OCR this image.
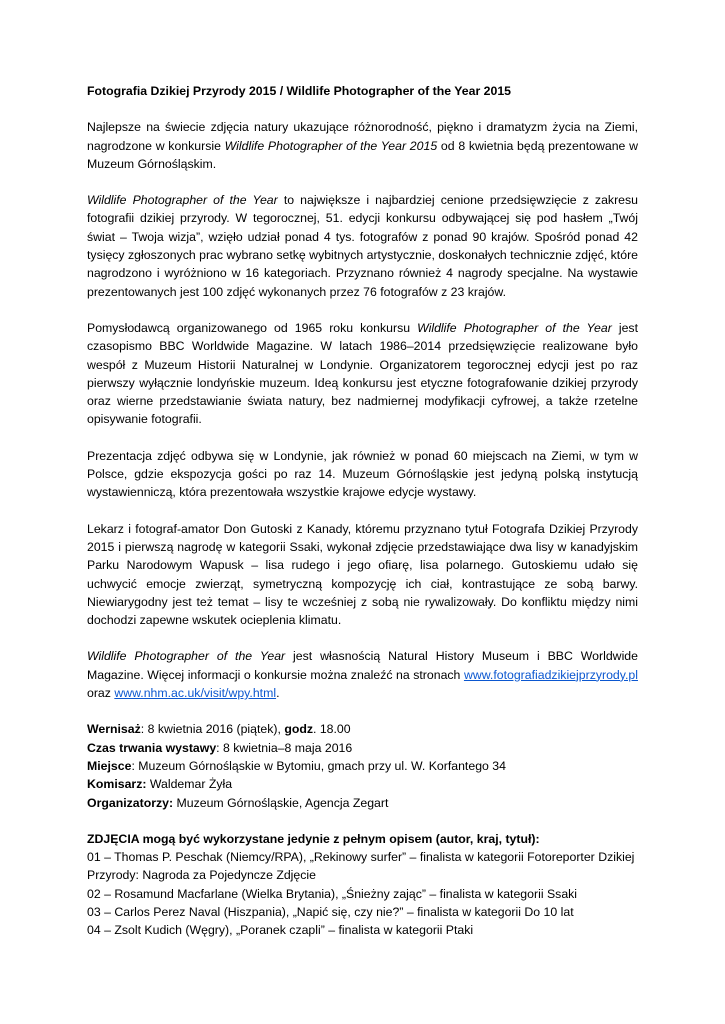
Fotografia Dzikiej Przyrody 2015 / Wildlife Photographer of the Year 2015

Najlepsze na świecie zdjęcia natury ukazujące różnorodność, piękno i dramatyzm życia na Ziemi, nagrodzone w konkursie Wildlife Photographer of the Year 2015 od 8 kwietnia będą prezentowane w Muzeum Górnośląskim.

Wildlife Photographer of the Year to największe i najbardziej cenione przedsięwzięcie z zakresu fotografii dzikiej przyrody. W tegorocznej, 51. edycji konkursu odbywającej się pod hasłem „Twój świat – Twoja wizja”, wzięło udział ponad 4 tys. fotografów z ponad 90 krajów. Spośród ponad 42 tysięcy zgłoszonych prac wybrano setkę wybitnych artystycznie, doskonałych technicznie zdjęć, które nagrodzono i wyróżniono w 16 kategoriach. Przyznano również 4 nagrody specjalne. Na wystawie prezentowanych jest 100 zdjęć wykonanych przez 76 fotografów z 23 krajów.

Pomysłodawcą organizowanego od 1965 roku konkursu Wildlife Photographer of the Year jest czasopismo BBC Worldwide Magazine. W latach 1986–2014 przedsięwzięcie realizowane było wespół z Muzeum Historii Naturalnej w Londynie. Organizatorem tegorocznej edycji jest po raz pierwszy wyłącznie londyńskie muzeum. Ideą konkursu jest etyczne fotografowanie dzikiej przyrody oraz wierne przedstawianie świata natury, bez nadmiernej modyfikacji cyfrowej, a także rzetelne opisywanie fotografii.

Prezentacja zdjęć odbywa się w Londynie, jak również w ponad 60 miejscach na Ziemi, w tym w Polsce, gdzie ekspozycja gości po raz 14. Muzeum Górnośląskie jest jedyną polską instytucją wystawienniczą, która prezentowała wszystkie krajowe edycje wystawy.

Lekarz i fotograf-amator Don Gutoski z Kanady, któremu przyznano tytuł Fotografa Dzikiej Przyrody 2015 i pierwszą nagrodę w kategorii Ssaki, wykonał zdjęcie przedstawiające dwa lisy w kanadyjskim Parku Narodowym Wapusk – lisa rudego i jego ofiarę, lisa polarnego. Gutoskiemu udało się uchwycić emocje zwierząt, symetryczną kompozycję ich ciał, kontrastujące ze sobą barwy. Niewiarygodny jest też temat – lisy te wcześniej z sobą nie rywalizowały. Do konfliktu między nimi dochodzi zapewne wskutek ocieplenia klimatu.

Wildlife Photographer of the Year jest własnością Natural History Museum i BBC Worldwide Magazine. Więcej informacji o konkursie można znaleźć na stronach www.fotografiadzikiejprzyrody.pl oraz www.nhm.ac.uk/visit/wpy.html.

Wernisaż: 8 kwietnia 2016 (piątek), godz. 18.00
Czas trwania wystawy: 8 kwietnia–8 maja 2016
Miejsce: Muzeum Górnośląskie w Bytomiu, gmach przy ul. W. Korfantego 34
Komisarz: Waldemar Żyła
Organizatorzy: Muzeum Górnośląskie, Agencja Zegart
ZDJĘCIA mogą być wykorzystane jedynie z pełnym opisem (autor, kraj, tytuł):
01 – Thomas P. Peschak (Niemcy/RPA), „Rekinowy surfer” – finalista w kategorii Fotoreporter Dzikiej Przyrody: Nagroda za Pojedyncze Zdjęcie
02 – Rosamund Macfarlane (Wielka Brytania), „Śnieżny zając” – finalista w kategorii Ssaki
03 – Carlos Perez Naval (Hiszpania), „Napić się, czy nie?” – finalista w kategorii Do 10 lat
04 – Zsolt Kudich (Węgry), „Poranek czapli” – finalista w kategorii Ptaki
